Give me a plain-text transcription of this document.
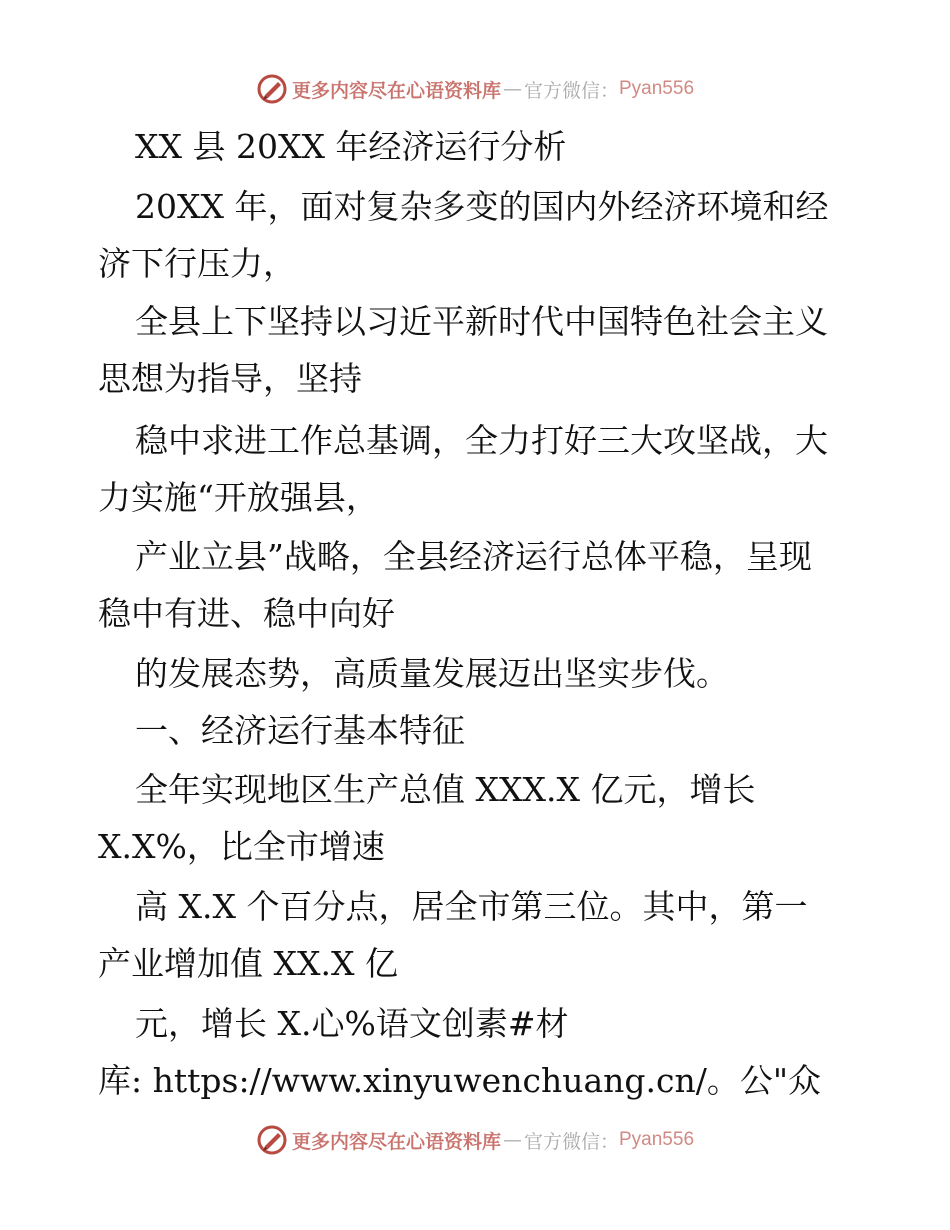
更多内容尽在心语资料库 — 官方微信： Pyan556
XX 县 20XX 年经济运行分析
20XX 年，面对复杂多变的国内外经济环境和经
济下行压力，
全县上下坚持以习近平新时代中国特色社会主义
思想为指导，坚持
稳中求进工作总基调，全力打好三大攻坚战，大
力实施“开放强县，
产业立县”战略，全县经济运行总体平稳，呈现
稳中有进、稳中向好
的发展态势，高质量发展迈出坚实步伐。
一、经济运行基本特征
全年实现地区生产总值 XXX.X 亿元，增长
X.X%，比全市增速
高 X.X 个百分点，居全市第三位。其中，第一
产业增加值 XX.X 亿
元，增长 X.心%语文创素#材
库: https://www.xinyuwenchuang.cn/。公"众
更多内容尽在心语资料库 — 官方微信： Pyan556
